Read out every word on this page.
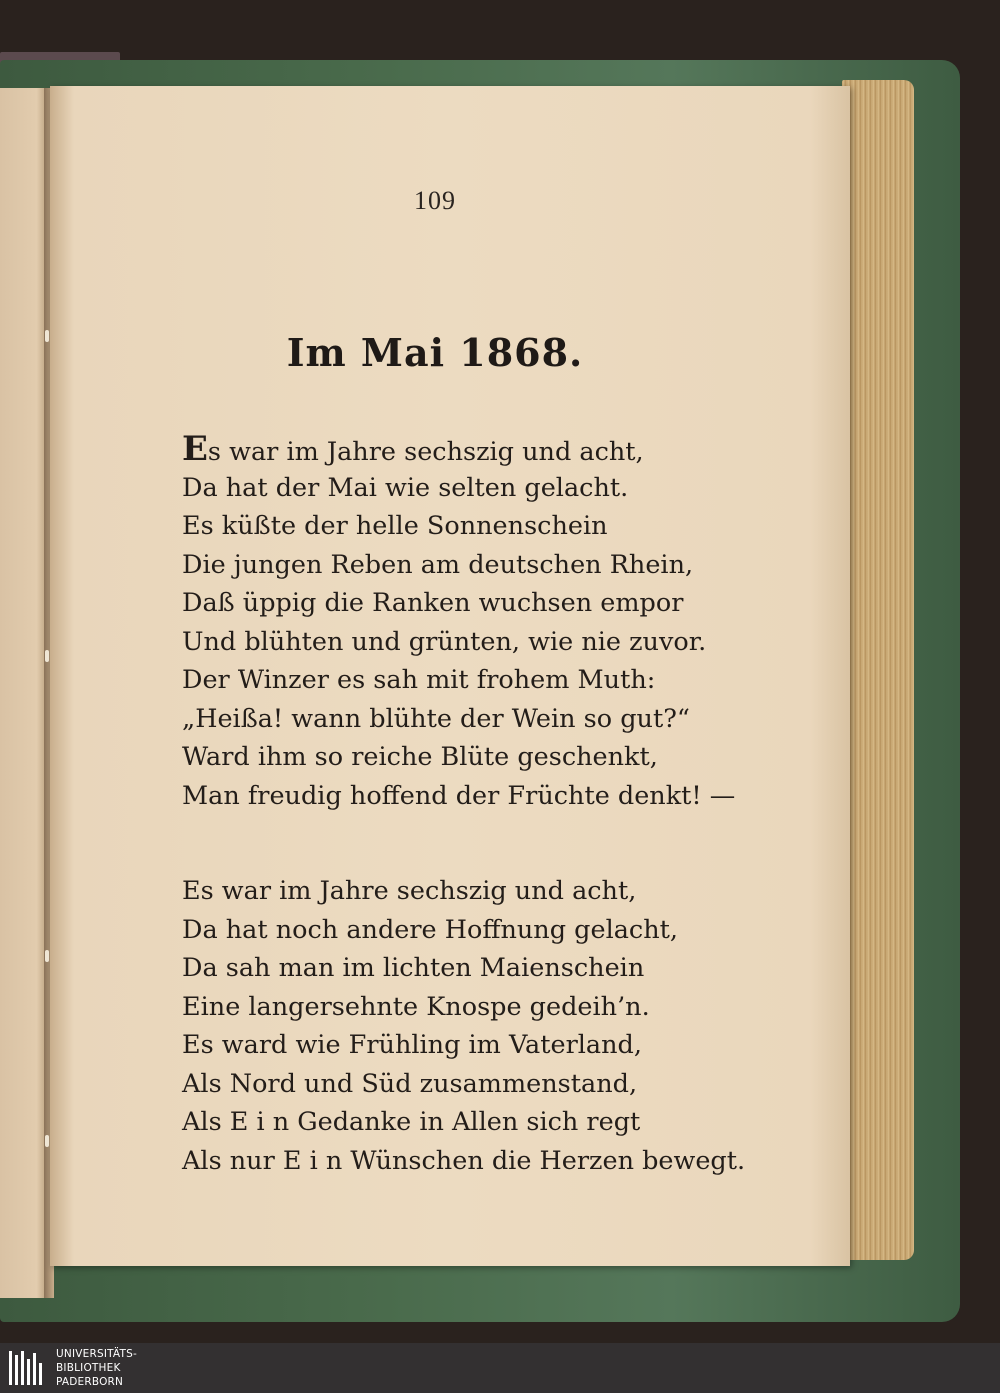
109
Im Mai 1868.
Es war im Jahre sechszig und acht,
Da hat der Mai wie selten gelacht.
Es küßte der helle Sonnenschein
Die jungen Reben am deutschen Rhein,
Daß üppig die Ranken wuchsen empor
Und blühten und grünten, wie nie zuvor.
Der Winzer es sah mit frohem Muth:
„Heißa! wann blühte der Wein so gut?“
Ward ihm so reiche Blüte geschenkt,
Man freudig hoffend der Früchte denkt! —
Es war im Jahre sechszig und acht,
Da hat noch andere Hoffnung gelacht,
Da sah man im lichten Maienschein
Eine langersehnte Knospe gedeih’n.
Es ward wie Frühling im Vaterland,
Als Nord und Süd zusammenstand,
Als E i n Gedanke in Allen sich regt
Als nur E i n Wünschen die Herzen bewegt.
UNIVERSITÄTS-
BIBLIOTHEK
PADERBORN
